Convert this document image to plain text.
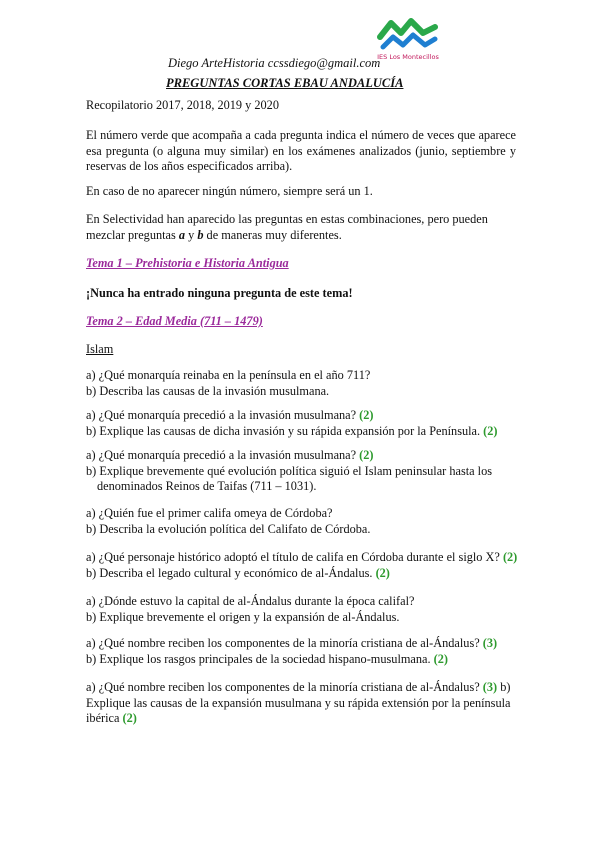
IES Los Montecillos
Diego ArteHistoria ccssdiego@gmail.com
PREGUNTAS CORTAS EBAU ANDALUCÍA
Recopilatorio 2017, 2018, 2019 y 2020
El número verde que acompaña a cada pregunta indica el número de veces que aparece
esa pregunta (o alguna muy similar) en los exámenes analizados (junio, septiembre y
reservas de los años especificados arriba).
En caso de no aparecer ningún número, siempre será un 1.
En Selectividad han aparecido las preguntas en estas combinaciones, pero pueden
mezclar preguntas a y b de maneras muy diferentes.
Tema 1 – Prehistoria e Historia Antigua
¡Nunca ha entrado ninguna pregunta de este tema!
Tema 2 – Edad Media (711 – 1479)
Islam
a) ¿Qué monarquía reinaba en la península en el año 711?
b) Describa las causas de la invasión musulmana.
a) ¿Qué monarquía precedió a la invasión musulmana? (2)
b) Explique las causas de dicha invasión y su rápida expansión por la Península. (2)
a) ¿Qué monarquía precedió a la invasión musulmana? (2)
b) Explique brevemente qué evolución política siguió el Islam peninsular hasta los
denominados Reinos de Taifas (711 – 1031).
a) ¿Quién fue el primer califa omeya de Córdoba?
b) Describa la evolución política del Califato de Córdoba.
a) ¿Qué personaje histórico adoptó el título de califa en Córdoba durante el siglo X? (2)
b) Describa el legado cultural y económico de al-Ándalus. (2)
a) ¿Dónde estuvo la capital de al-Ándalus durante la época califal?
b) Explique brevemente el origen y la expansión de al-Ándalus.
a) ¿Qué nombre reciben los componentes de la minoría cristiana de al-Ándalus? (3)
b) Explique los rasgos principales de la sociedad hispano-musulmana. (2)
a) ¿Qué nombre reciben los componentes de la minoría cristiana de al-Ándalus? (3) b)
Explique las causas de la expansión musulmana y su rápida extensión por la península
ibérica (2)
